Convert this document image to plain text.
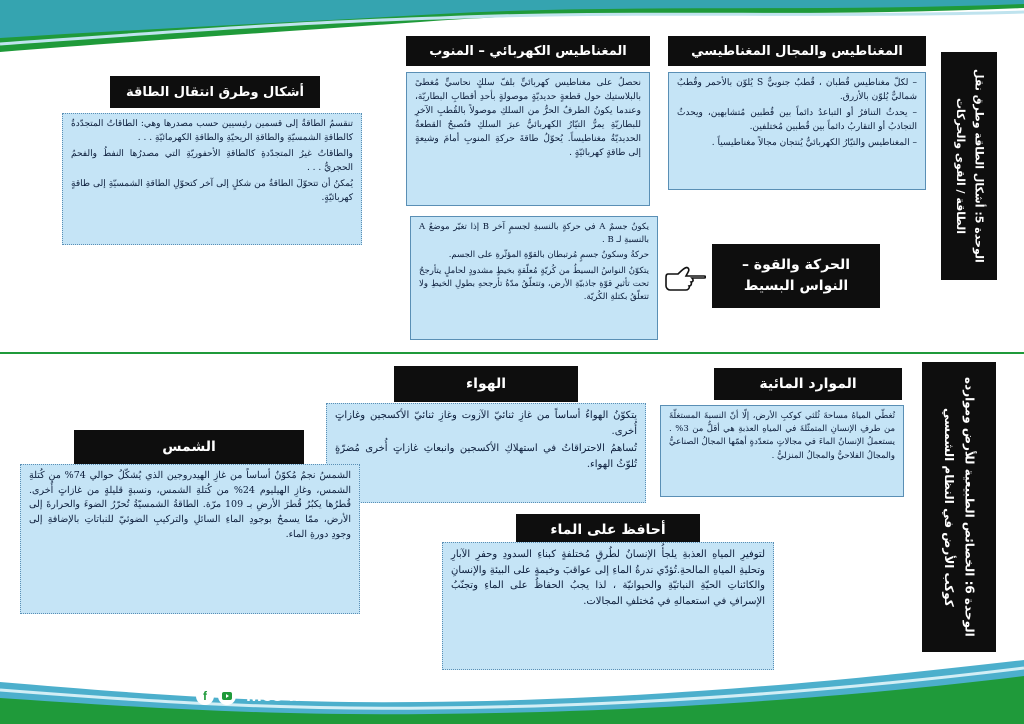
الوحدة 5: أشكال الطاقة وطرق نقل الطاقة / القوى والحركات
المغناطيس والمجال المغناطيسي

– لكلّ مغناطيس قُطبان ، قُطبٌ جنوبيٌّ S يُلوّن بالأحمر وقُطبٌ شماليٌّ يُلوّن بالأزرق.

– يحدثُ التنافرُ أو التباعدُ دائماً بين قُطبين مُتشابهين، ويحدثُ التجاذبُ أو التقاربُ دائماً بين قُطبين مُختلفين.

– المغناطيس والتيّارُ الكهربائيُّ يُنتجان مجالاً مغناطيسياً .

المغناطيس الكهربائي – المنوب

نحصلُ على مغناطيس كهربائيٍّ بلفّ سلكٍ نحاسيٍّ مُغطىً بالبلاستيك حول قطعةٍ حديديّةٍ موصولةٍ بأحدِ أقطابِ البطاريّة، وعندما يكونُ الطرفُ الحرُّ من السلكِ موصولاً بالقُطبِ الآخرِ للبطاريّةِ يمرُّ التيّارُ الكهربائيُّ عبرَ السلكِ فتُصبحُ القطعةُ الحديديّةُ مغناطيساً. يُحوّلُ طاقةَ حركةِ المنوبِ أمامَ وشيعةٍ إلى طاقةٍ كهربائيّةٍ .

أشكال وطرق انتقال الطاقة

تنقسمُ الطاقةُ إلى قسمين رئيسيين حسب مصدرها وهي: الطاقاتُ المتجدّدةُ كالطاقةِ الشمسيّةِ والطاقةِ الريحيّةِ والطاقةِ الكهرمائيّةِ . . .

والطاقاتُ غيرُ المتجدّدةِ كالطاقةِ الأحفوريّةِ التي مصدرُها النفطُ والفحمُ الحجريُّ . . .

يُمكنُ أن تتحوّلَ الطاقةُ من شكلٍ إلى آخر كتحوّلِ الطاقةِ الشمسيّةِ إلى طاقةٍ كهربائيّةٍ.

يكونُ جسمٌ A في حركةٍ بالنسبةِ لجسمٍ آخر B إذا تغيّر موضعُ A بالنسبةِ لـ B .

حركةُ وسكونُ جسمٍ مُرتبطان بالقوّةِ المؤثّرةِ على الجسم.

يتكوّنُ النواسُ البسيطُ من كُريّةٍ مُعلّقةٍ بخيطٍ مشدودٍ لحاملٍ يتأرجحُ تحت تأثيرِ قوّةِ جاذبيّةِ الأرض، وتتعلّقُ مدّةُ تأرجحهِ بطولِ الخيطِ ولا تتعلّقُ بكتلةِ الكُريّة.

الحركة والقوة – النواس البسيط
الوحدة 6: الخصائص الطبيعية للأرض وموارده كوكب الأرض في النظام الشمسي
الموارد المائية

تُغطّي المياهُ مساحةَ ثُلثي كوكبِ الأرض، إلّا أنّ النسبةَ المستغلّةَ من طرفِ الإنسانِ المتمثّلةَ في المياهِ العذبةِ هي أقلُّ من 3% . يستعملُ الإنسانُ الماءَ في مجالاتٍ متعدّدةٍ أهمّها المجالُ الصناعيُّ والمجالُ الفلاحيُّ والمجالُ المنزليُّ .

الهواء

يتكوّنُ الهواءُ أساساً من غازِ ثنائيّ الآزوت وغازِ ثنائيّ الأكسجين وغازاتٍ أُخرى.

تُساهمُ الاحتراقاتُ في استهلاكِ الأكسجين وانبعاثِ غازاتٍ أُخرى مُضرّةٍ تُلوّثُ الهواء.

الشمس

الشمسُ نجمٌ مُكوّنٌ أساساً من غازِ الهيدروجين الذي يُشكّلُ حوالي 74% من كُتلةِ الشمس، وغازِ الهيليوم 24% من كُتلةِ الشمس، ونسبةٍ قليلةٍ من غازاتٍ أُخرى. قُطرُها يكبُرُ قُطرَ الأرضِ بـ 109 مرّة. الطاقةُ الشمسيّةُ تُحرّرُ الضوءَ والحرارةَ إلى الأرض، ممّا يسمحُ بوجودِ الماءِ السائلِ والتركيبِ الضوئيّ للنباتاتِ بالإضافةِ إلى وجودِ دورةِ الماء.	أحافظ على الماء

لتوفيرِ المياهِ العذبةِ يلجأُ الإنسانُ لطُرقٍ مُختلفةٍ كبناءِ السدودِ وحفرِ الآبارِ وتحليةِ المياهِ المالحةِ.تُؤدّي ندرةُ الماءِ إلى عواقبَ وخيمةٍ على البيئةِ والإنسانِ والكائناتِ الحيّةِ النباتيّةِ والحيوانيّة ، لذا يجبُ الحفاظُ على الماءِ وتجنّبُ الإسرافِ في استعمالهِ في مُختلفِ المجالات.

f	Mes fiches
